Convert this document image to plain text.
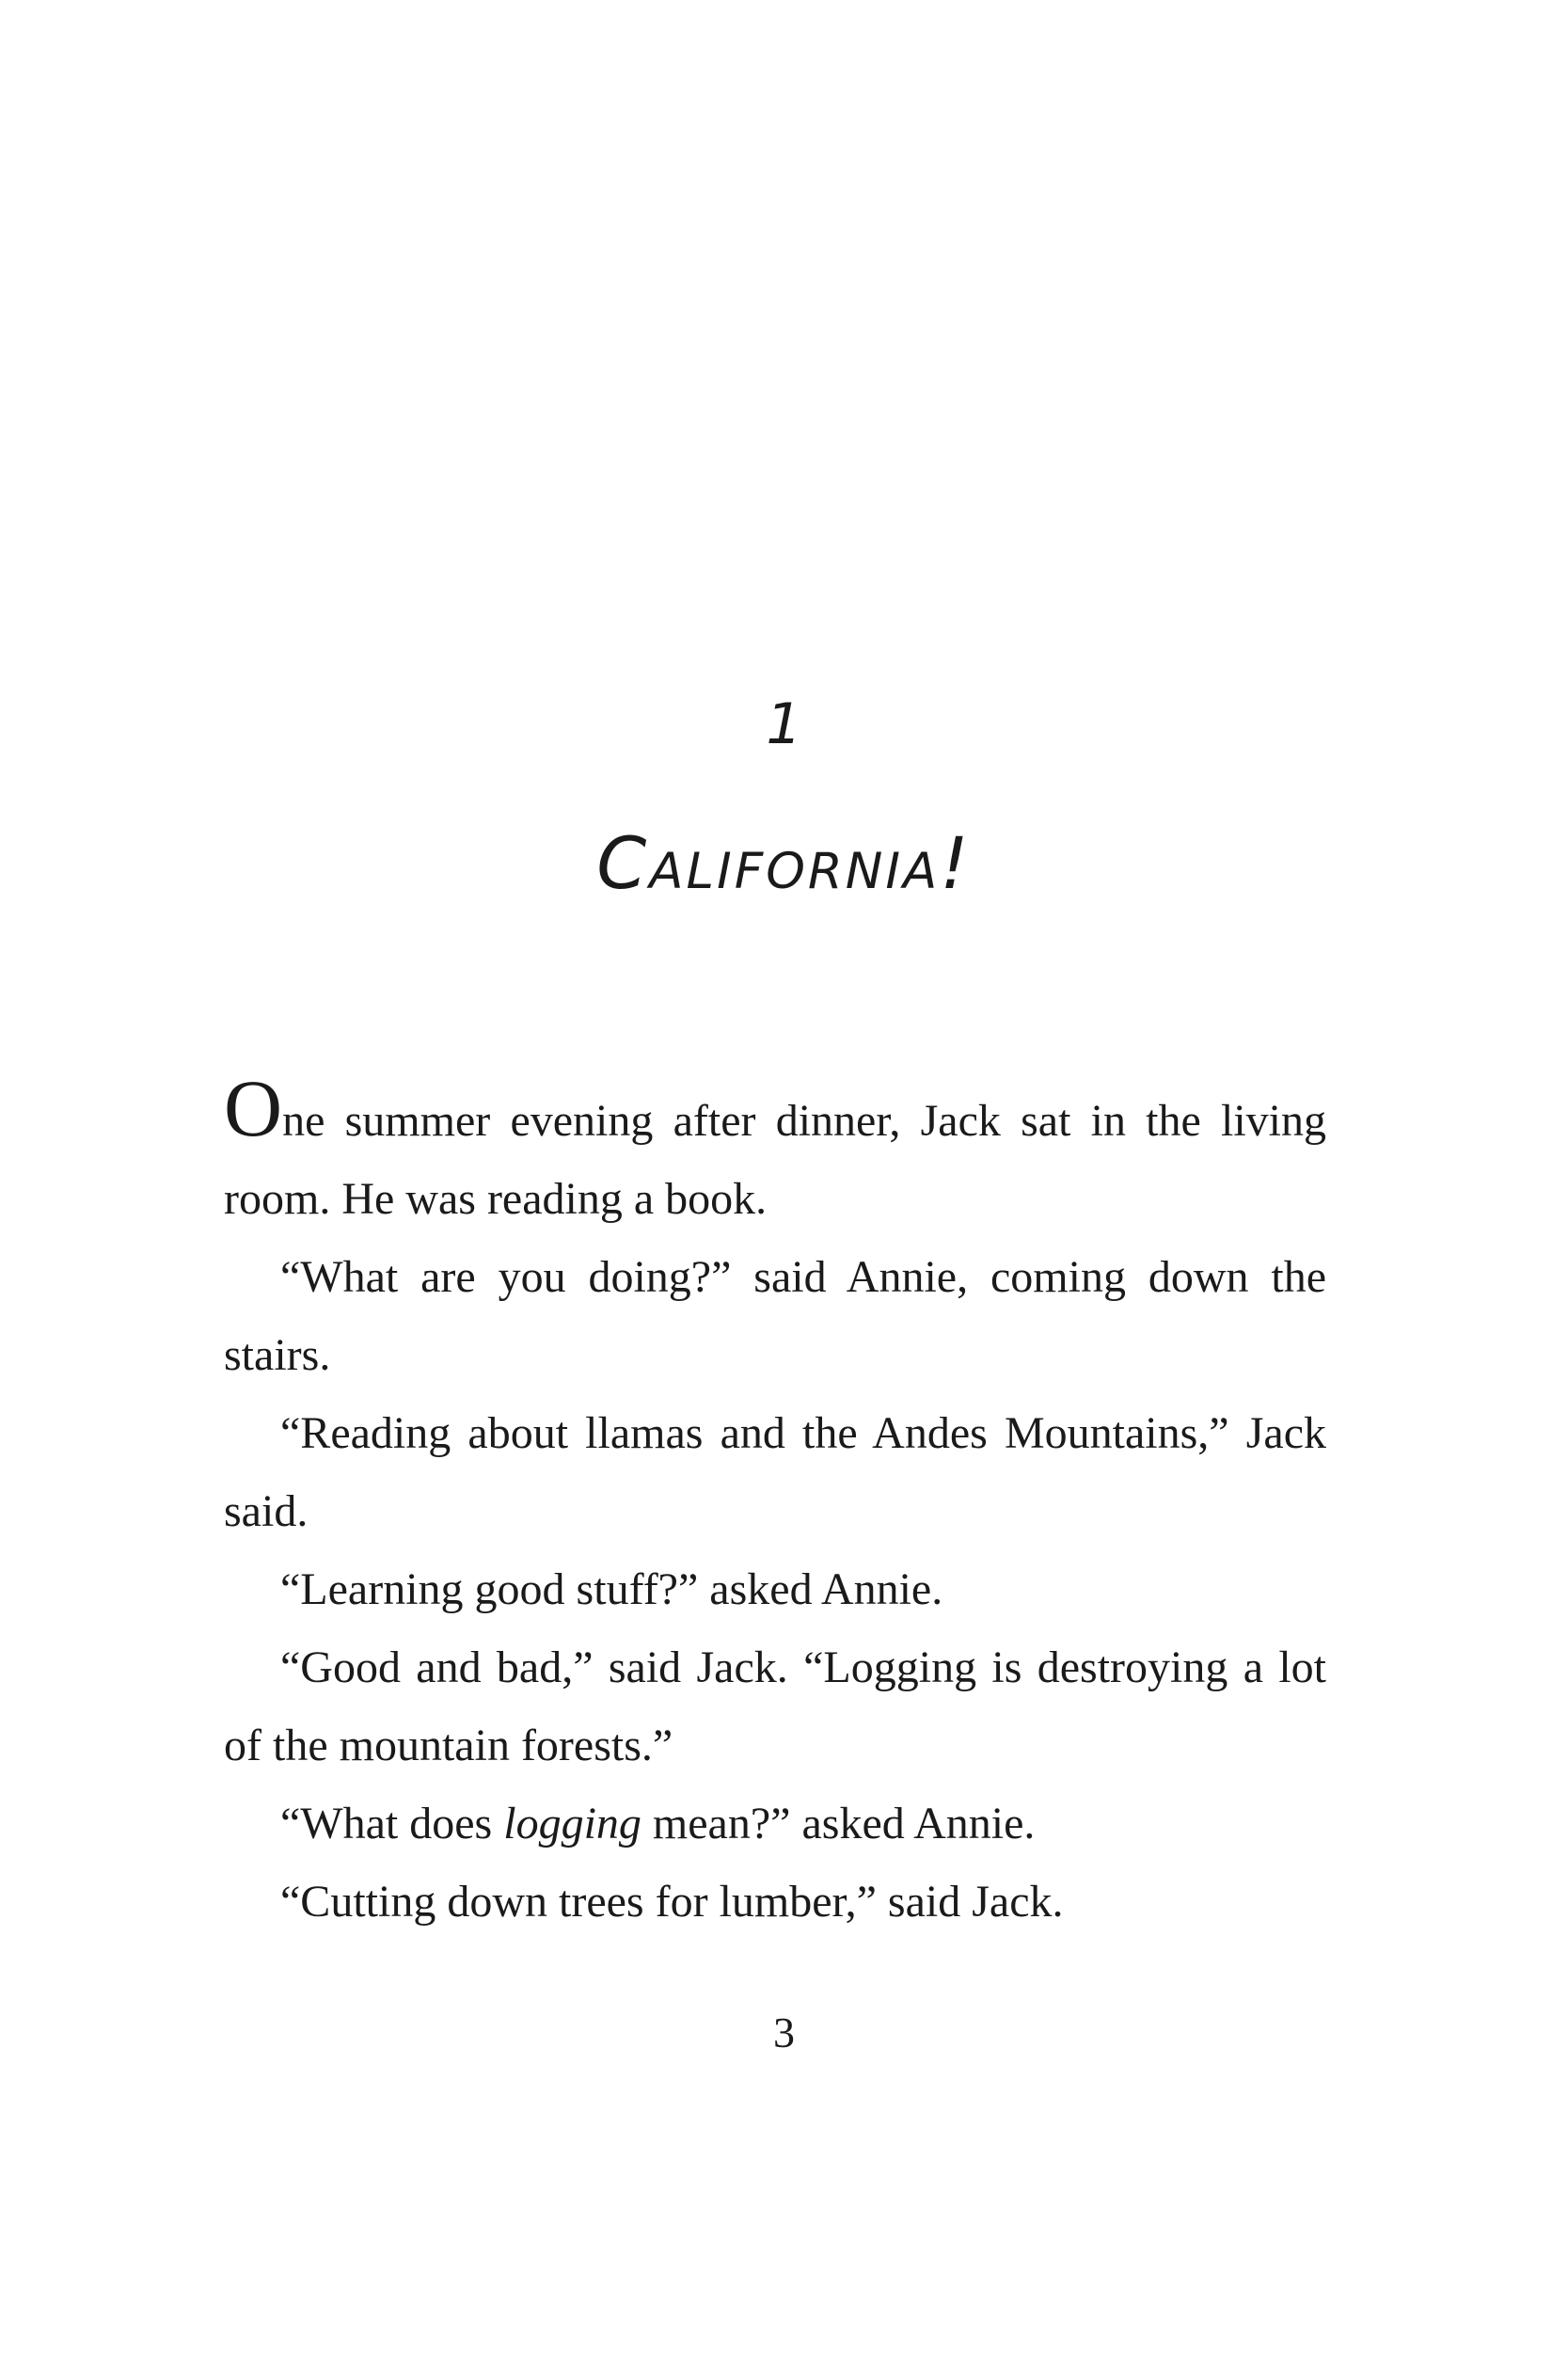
1
California!

One summer evening after dinner, Jack sat in the living room. He was reading a book.

“What are you doing?” said Annie, coming down the stairs.

“Reading about llamas and the Andes Mountains,” Jack said.

“Learning good stuff?” asked Annie.

“Good and bad,” said Jack. “Logging is destroying a lot of the mountain forests.”

“What does logging mean?” asked Annie.

“Cutting down trees for lumber,” said Jack.

3
